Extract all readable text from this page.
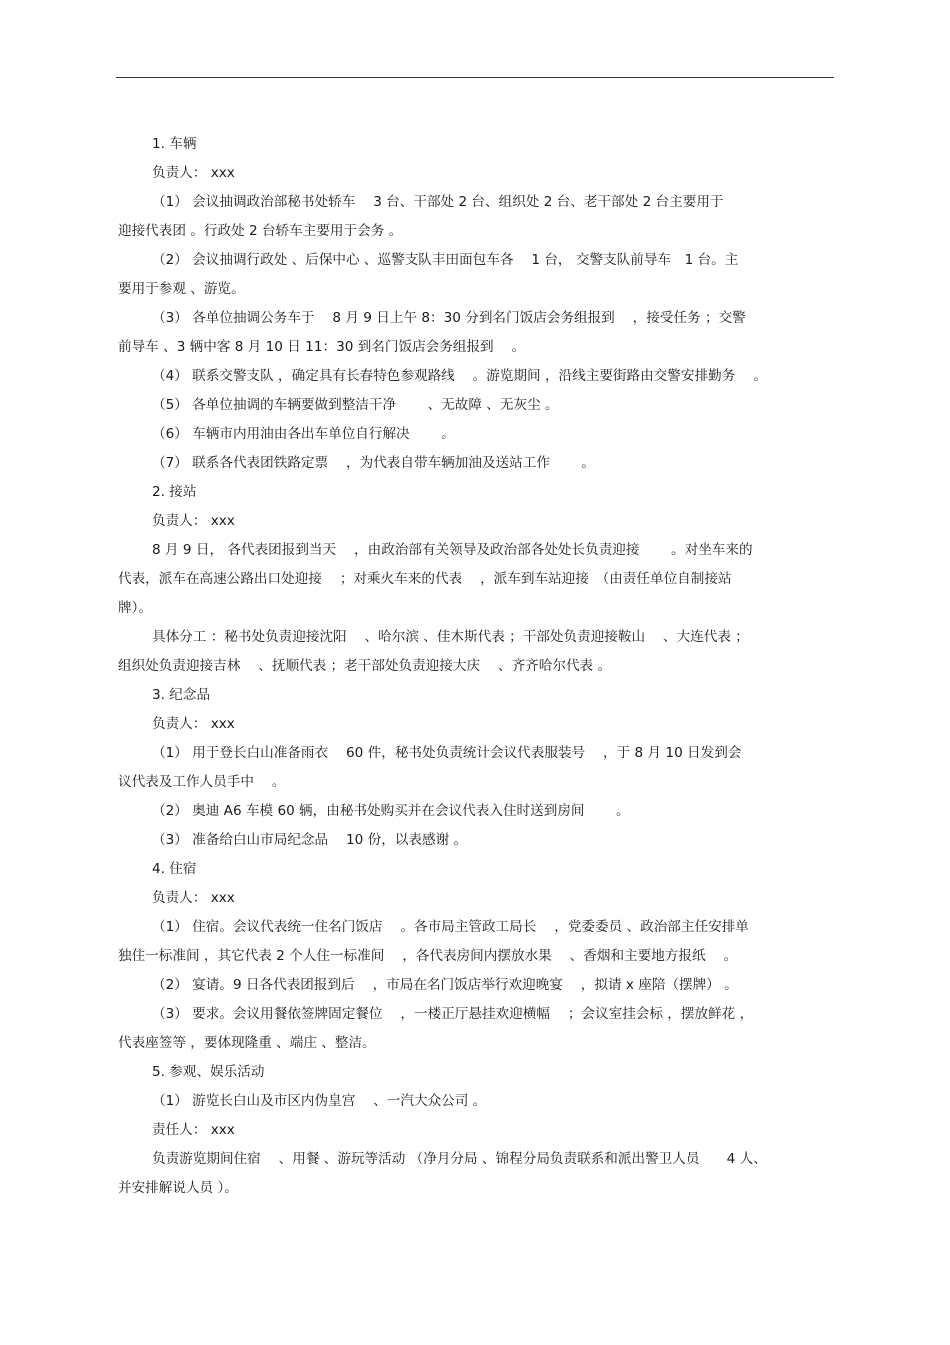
1. 车辆
负责人： xxx
（1） 会议抽调政治部秘书处轿车　 3 台、干部处 2 台、组织处 2 台、老干部处 2 台主要用于
迎接代表团 。行政处 2 台轿车主要用于会务 。
（2） 会议抽调行政处 、后保中心 、巡警支队丰田面包车各　 1 台， 交警支队前导车　1 台。主
要用于参观 、游览。
（3） 各单位抽调公务车于　 8 月 9 日上午 8：30 分到名门饭店会务组报到　 ，接受任务 ；交警
前导车 、3 辆中客 8 月 10 日 11：30 到名门饭店会务组报到　 。
（4） 联系交警支队 ，确定具有长春特色参观路线　 。游览期间 ，沿线主要街路由交警安排勤务　 。
（5） 各单位抽调的车辆要做到整洁干净　　 、无故障 、无灰尘 。
（6） 车辆市内用油由各出车单位自行解决　　 。
（7） 联系各代表团铁路定票　 ，为代表自带车辆加油及送站工作　　 。
2. 接站
负责人： xxx
8 月 9 日， 各代表团报到当天　 ，由政治部有关领导及政治部各处处长负责迎接　　 。对坐车来的
代表，派车在高速公路出口处迎接　 ；对乘火车来的代表　 ，派车到车站迎接　（由责任单位自制接站
牌）。
具体分工 ：秘书处负责迎接沈阳　 、哈尔滨 、佳木斯代表 ；干部处负责迎接鞍山　 、大连代表 ；
组织处负责迎接吉林　 、抚顺代表 ；老干部处负责迎接大庆　 、齐齐哈尔代表 。
3. 纪念品
负责人： xxx
（1） 用于登长白山准备雨衣　 60 件，秘书处负责统计会议代表服装号　 ，于 8 月 10 日发到会
议代表及工作人员手中　 。
（2） 奥迪 A6 车模 60 辆，由秘书处购买并在会议代表入住时送到房间　　 。
（3） 准备给白山市局纪念品　 10 份，以表感谢 。
4. 住宿
负责人： xxx
（1） 住宿。会议代表统一住名门饭店　 。各市局主管政工局长　 ，党委委员 、政治部主任安排单
独住一标准间 ，其它代表 2 个人住一标准间　 ，各代表房间内摆放水果　 、香烟和主要地方报纸　 。
（2） 宴请。9 日各代表团报到后　 ，市局在名门饭店举行欢迎晚宴　 ，拟请 x 座陪（摆牌） 。
（3） 要求。会议用餐依签牌固定餐位　 ，一楼正厅悬挂欢迎横幅　 ；会议室挂会标 ，摆放鲜花 ，
代表座签等 ，要体现隆重 、端庄 、整洁。
5. 参观、娱乐活动
（1） 游览长白山及市区内伪皇宫　 、一汽大众公司 。
责任人： xxx
负责游览期间住宿　 、用餐 、游玩等活动 （净月分局 、锦程分局负责联系和派出警卫人员　　4 人、
并安排解说人员 ）。
